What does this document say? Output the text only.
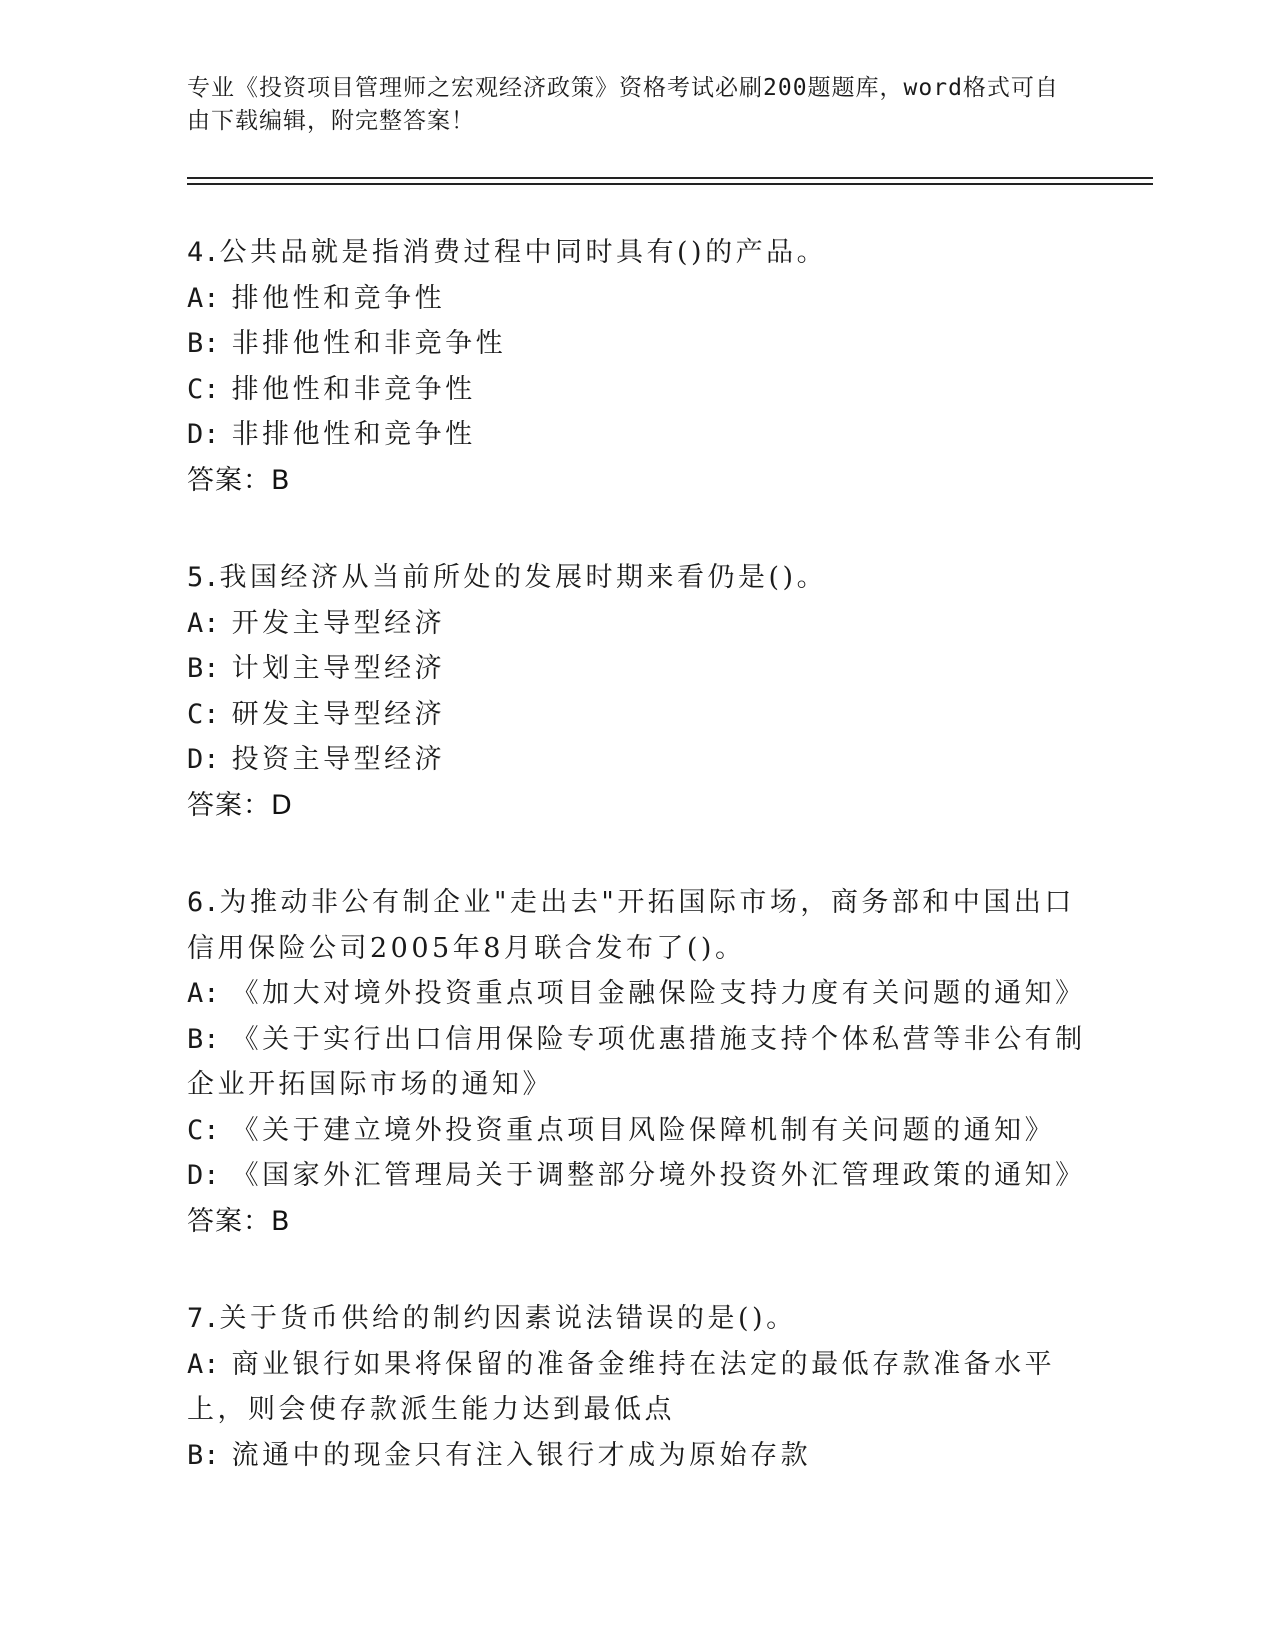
专业《投资项目管理师之宏观经济政策》资格考试必刷200题题库，word格式可自由下载编辑，附完整答案！
4.公共品就是指消费过程中同时具有()的产品。
A: 排他性和竞争性
B: 非排他性和非竞争性
C: 排他性和非竞争性
D: 非排他性和竞争性
答案：B
5.我国经济从当前所处的发展时期来看仍是()。
A: 开发主导型经济
B: 计划主导型经济
C: 研发主导型经济
D: 投资主导型经济
答案：D
6.为推动非公有制企业"走出去"开拓国际市场，商务部和中国出口信用保险公司2005年8月联合发布了()。
A: 《加大对境外投资重点项目金融保险支持力度有关问题的通知》
B: 《关于实行出口信用保险专项优惠措施支持个体私营等非公有制企业开拓国际市场的通知》
C: 《关于建立境外投资重点项目风险保障机制有关问题的通知》
D: 《国家外汇管理局关于调整部分境外投资外汇管理政策的通知》
答案：B
7.关于货币供给的制约因素说法错误的是()。
A: 商业银行如果将保留的准备金维持在法定的最低存款准备水平上，则会使存款派生能力达到最低点
B: 流通中的现金只有注入银行才成为原始存款
